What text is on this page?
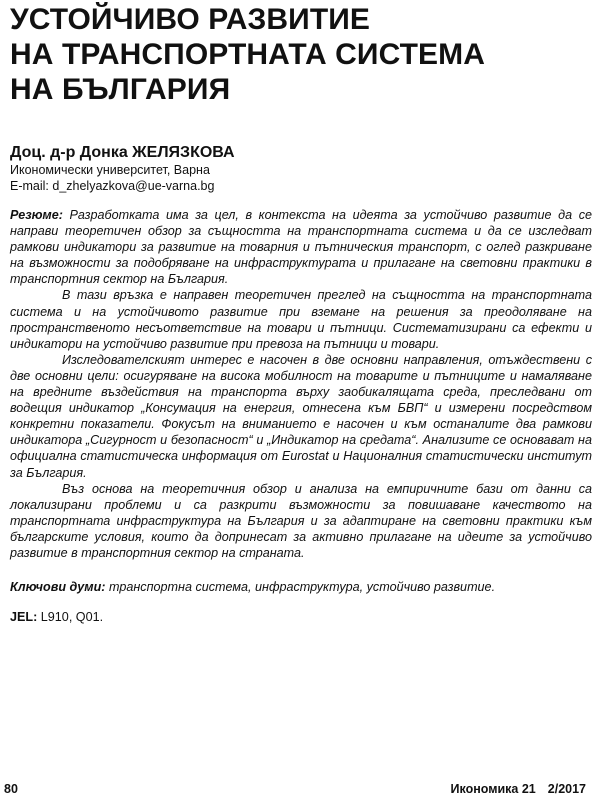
УСТОЙЧИВО РАЗВИТИЕ
НА ТРАНСПОРТНАТА СИСТЕМА
НА БЪЛГАРИЯ
Доц. д-р Донка ЖЕЛЯЗКОВА
Икономически университет, Варна
E-mail: d_zhelyazkova@ue-varna.bg

Резюме: Разработката има за цел, в контекста на идеята за устойчиво развитие да се направи теоретичен обзор за същността на транспортната система и да се изследват рамкови индикатори за развитие на товарния и пътническия транспорт, с оглед разкриване на възможности за подобряване на инфраструктурата и прилагане на световни практики в транспортния сектор на България.

В тази връзка е направен теоретичен преглед на същността на транспортната система и на устойчивото развитие при вземане на решения за преодоляване на пространственото несъответствие на товари и пътници. Систематизирани са ефекти и индикатори на устойчиво развитие при превоза на пътници и товари.

Изследователският интерес е насочен в две основни направления, отъждествени с две основни цели: осигуряване на висока мобилност на товарите и пътниците и намаляване на вредните въздействия на транспорта върху заобикалящата среда, преследвани от водещия индикатор „Консумация на енергия, отнесена към БВП“ и измерени посредством конкретни показатели. Фокусът на вниманието е насочен и към останалите два рамкови индикатора „Сигурност и безопасност“ и „Индикатор на средата“. Анализите се основават на официална статистическа информация от Eurostat и Националния статистически институт за България.

Въз основа на теоретичния обзор и анализа на емпиричните бази от данни са локализирани проблеми и са разкрити възможности за повишаване качеството на транспортната инфраструктура на България и за адаптиране на световни практики към българските условия, които да допринесат за активно прилагане на идеите за устойчиво развитие в транспортния сектор на страната.

Ключови думи: транспортна система, инфраструктура, устойчиво развитие.
JEL: L910, Q01.
80	Икономика 21 2/2017
